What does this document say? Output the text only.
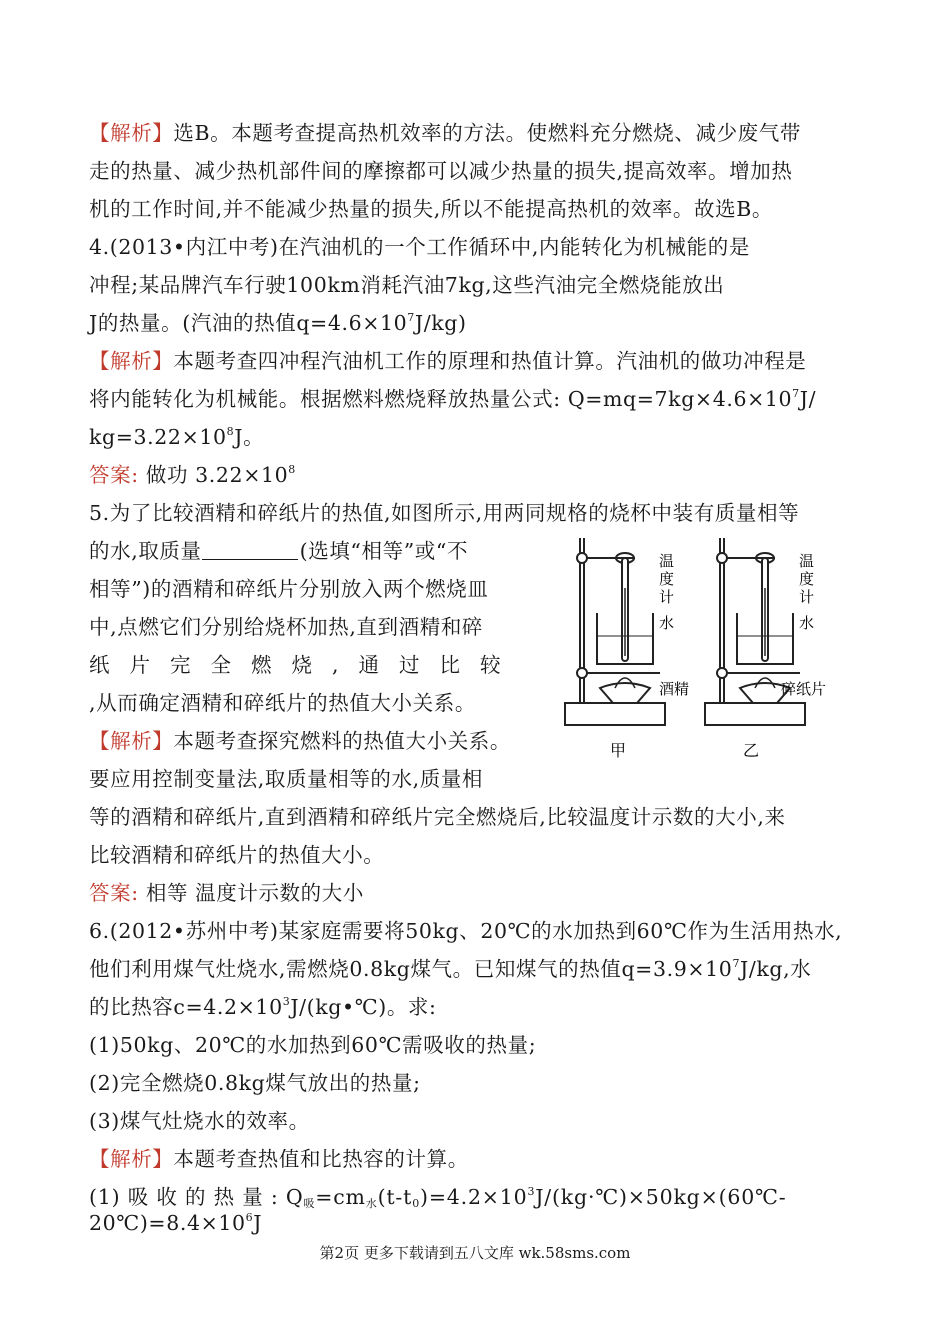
【解析】选B。本题考查提高热机效率的方法。使燃料充分燃烧、减少废气带
走的热量、减少热机部件间的摩擦都可以减少热量的损失,提高效率。增加热
机的工作时间,并不能减少热量的损失,所以不能提高热机的效率。故选B。
4.(2013•内江中考)在汽油机的一个工作循环中,内能转化为机械能的是
冲程;某品牌汽车行驶100km消耗汽油7kg,这些汽油完全燃烧能放出
J的热量。(汽油的热值$q=4.6\times 10^7J/kg$)
【解析】本题考查四冲程汽油机工作的原理和热值计算。汽油机的做功冲程是
将内能转化为机械能。根据燃料燃烧释放热量公式: $Q=mq=7kg\times 4.6\times 10^7J/$
$kg=3.22\times 10^8J$。
答案: 做功 $3.22\times 10^8$
5.为了比较酒精和碎纸片的热值,如图所示,用两同规格的烧杯中装有质量相等
的水,取质量	(选填“相等”或“不
相等”)的酒精和碎纸片分别放入两个燃烧皿
中,点燃它们分别给烧杯加热,直到酒精和碎
纸片完全燃烧,通过比较
,从而确定酒精和碎纸片的热值大小关系。
【解析】本题考查探究燃料的热值大小关系。
要应用控制变量法,取质量相等的水,质量相
等的酒精和碎纸片,直到酒精和碎纸片完全燃烧后,比较温度计示数的大小,来
比较酒精和碎纸片的热值大小。
答案: 相等 温度计示数的大小
6.(2012•苏州中考)某家庭需要将50kg、20℃的水加热到60℃作为生活用热水,
他们利用煤气灶烧水,需燃烧0.8kg煤气。已知煤气的热值$q=3.9\times 10^7J/kg$,水
的比热容$c=4.2\times 10^3J/(kg•℃)$。求:
(1)50kg、20℃的水加热到60℃需吸收的热量;
(2)完全燃烧0.8kg煤气放出的热量;
(3)煤气灶烧水的效率。
【解析】本题考查热值和比热容的计算。
(1) 吸 收 的 热 量 : $Q_吸=cm_水(t-t_0)=4.2\times 10^3J/(kg\cdot℃)\times 50kg\times(60℃-$
$20℃)=8.4\times 10^6J$
温
度
计
水
酒精
甲
温
度
计
水
碎纸片
乙
第2页 更多下载请到五八文库 wk.58sms.com
